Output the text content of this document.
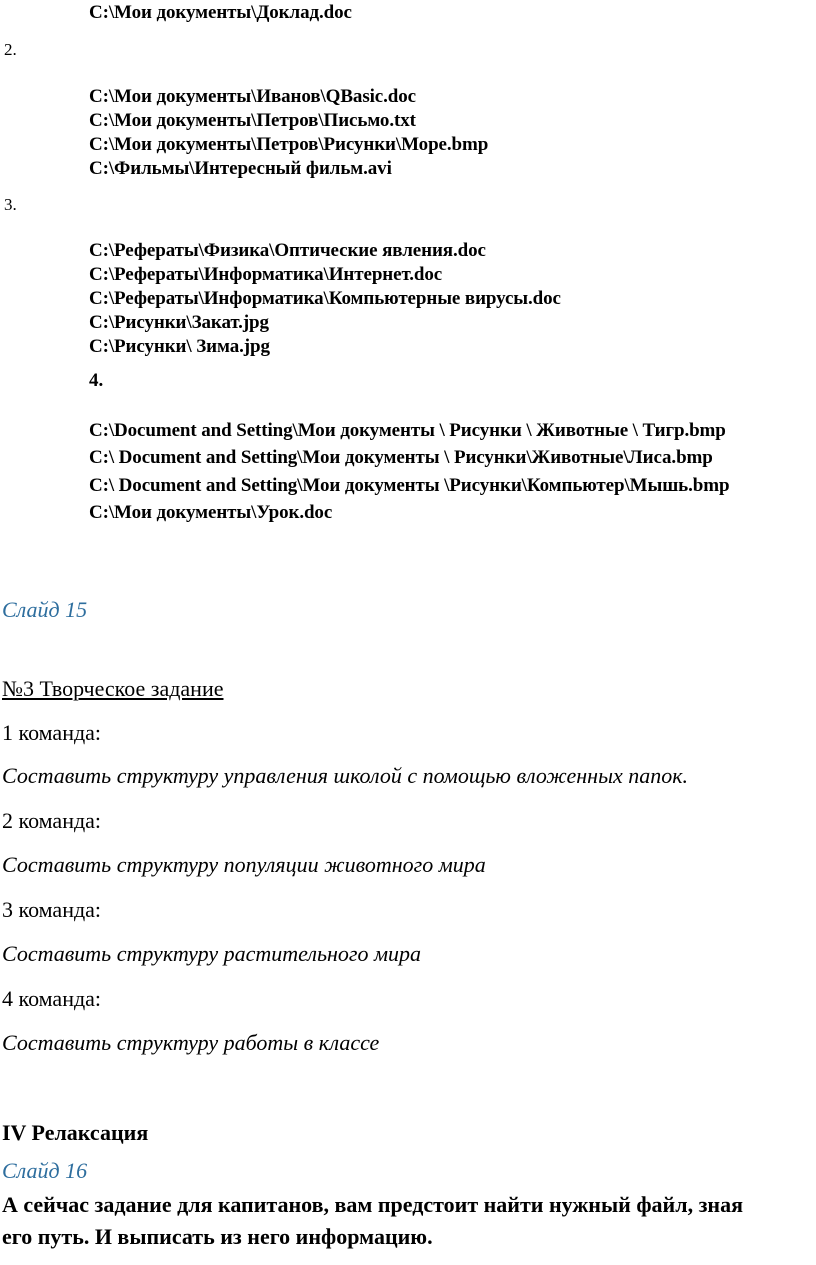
C:\Мои документы\Доклад.doc
2.
C:\Мои документы\Иванов\QBasic.doc
C:\Мои документы\Петров\Письмо.txt
C:\Мои документы\Петров\Рисунки\Море.bmp
C:\Фильмы\Интересный фильм.avi
3.
C:\Рефераты\Физика\Оптические явления.doc
C:\Рефераты\Информатика\Интернет.doc
C:\Рефераты\Информатика\Компьютерные вирусы.doc
C:\Рисунки\Закат.jpg
C:\Рисунки\ Зима.jpg
4.
C:\Document and Setting\Мои документы \ Рисунки \ Животные \ Тигр.bmp
C:\ Document and Setting\Мои документы \ Рисунки\Животные\Лиса.bmp
C:\ Document and Setting\Мои документы \Рисунки\Компьютер\Мышь.bmp
C:\Мои документы\Урок.doc
Слайд 15
№3 Творческое задание
1 команда:
Составить структуру управления школой с помощью вложенных папок.
2 команда:
Составить структуру популяции животного мира
3 команда:
Составить структуру растительного мира
4 команда:
Составить структуру работы в классе
IV Релаксация
Слайд 16
А сейчас задание для капитанов, вам предстоит найти нужный файл, зная
его путь. И выписать из него информацию.
